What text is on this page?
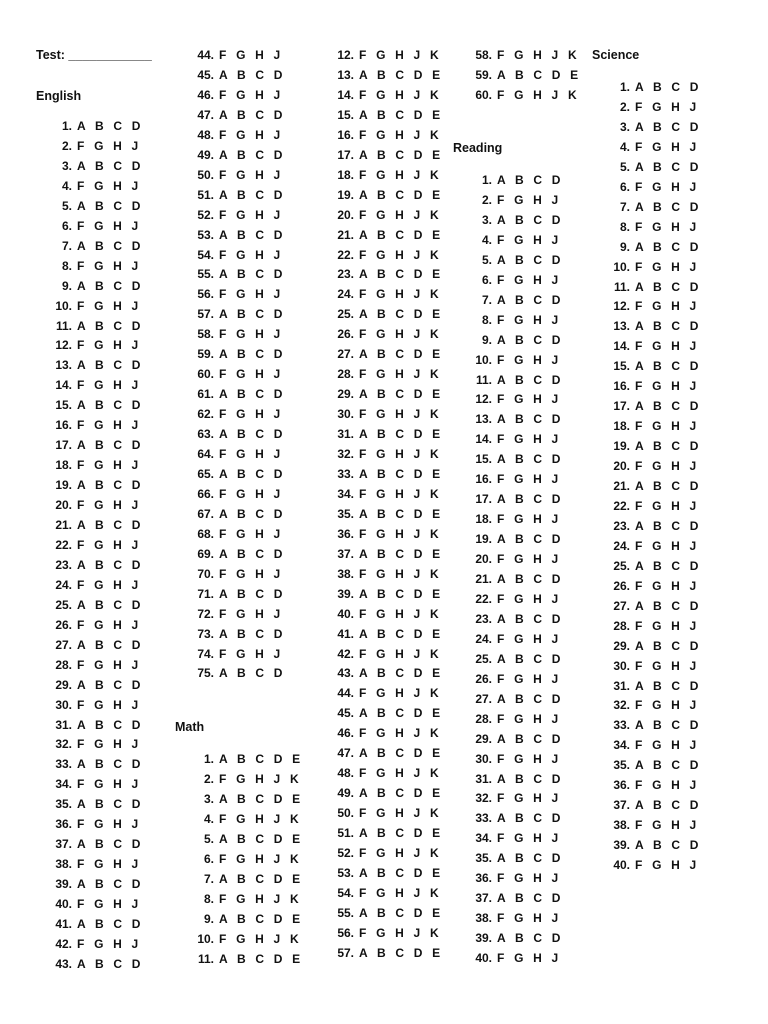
Test: ____________
English
1. A B C D
2. F G H J
3. A B C D
4. F G H J
5. A B C D
6. F G H J
7. A B C D
8. F G H J
9. A B C D
10. F G H J
11. A B C D
12. F G H J
13. A B C D
14. F G H J
15. A B C D
16. F G H J
17. A B C D
18. F G H J
19. A B C D
20. F G H J
21. A B C D
22. F G H J
23. A B C D
24. F G H J
25. A B C D
26. F G H J
27. A B C D
28. F G H J
29. A B C D
30. F G H J
31. A B C D
32. F G H J
33. A B C D
34. F G H J
35. A B C D
36. F G H J
37. A B C D
38. F G H J
39. A B C D
40. F G H J
41. A B C D
42. F G H J
43. A B C D
44. F G H J
45. A B C D
46. F G H J
47. A B C D
48. F G H J
49. A B C D
50. F G H J
51. A B C D
52. F G H J
53. A B C D
54. F G H J
55. A B C D
56. F G H J
57. A B C D
58. F G H J
59. A B C D
60. F G H J
61. A B C D
62. F G H J
63. A B C D
64. F G H J
65. A B C D
66. F G H J
67. A B C D
68. F G H J
69. A B C D
70. F G H J
71. A B C D
72. F G H J
73. A B C D
74. F G H J
75. A B C D
Math
1. A B C D E
2. F G H J K
3. A B C D E
4. F G H J K
5. A B C D E
6. F G H J K
7. A B C D E
8. F G H J K
9. A B C D E
10. F G H J K
11. A B C D E
12. F G H J K
13. A B C D E
14. F G H J K
15. A B C D E
16. F G H J K
17. A B C D E
18. F G H J K
19. A B C D E
20. F G H J K
21. A B C D E
22. F G H J K
23. A B C D E
24. F G H J K
25. A B C D E
26. F G H J K
27. A B C D E
28. F G H J K
29. A B C D E
30. F G H J K
31. A B C D E
32. F G H J K
33. A B C D E
34. F G H J K
35. A B C D E
36. F G H J K
37. A B C D E
38. F G H J K
39. A B C D E
40. F G H J K
41. A B C D E
42. F G H J K
43. A B C D E
44. F G H J K
45. A B C D E
46. F G H J K
47. A B C D E
48. F G H J K
49. A B C D E
50. F G H J K
51. A B C D E
52. F G H J K
53. A B C D E
54. F G H J K
55. A B C D E
56. F G H J K
57. A B C D E
58. F G H J K
59. A B C D E
60. F G H J K
Reading
1. A B C D
2. F G H J
3. A B C D
4. F G H J
5. A B C D
6. F G H J
7. A B C D
8. F G H J
9. A B C D
10. F G H J
11. A B C D
12. F G H J
13. A B C D
14. F G H J
15. A B C D
16. F G H J
17. A B C D
18. F G H J
19. A B C D
20. F G H J
21. A B C D
22. F G H J
23. A B C D
24. F G H J
25. A B C D
26. F G H J
27. A B C D
28. F G H J
29. A B C D
30. F G H J
31. A B C D
32. F G H J
33. A B C D
34. F G H J
35. A B C D
36. F G H J
37. A B C D
38. F G H J
39. A B C D
40. F G H J
Science
1. A B C D
2. F G H J
3. A B C D
4. F G H J
5. A B C D
6. F G H J
7. A B C D
8. F G H J
9. A B C D
10. F G H J
11. A B C D
12. F G H J
13. A B C D
14. F G H J
15. A B C D
16. F G H J
17. A B C D
18. F G H J
19. A B C D
20. F G H J
21. A B C D
22. F G H J
23. A B C D
24. F G H J
25. A B C D
26. F G H J
27. A B C D
28. F G H J
29. A B C D
30. F G H J
31. A B C D
32. F G H J
33. A B C D
34. F G H J
35. A B C D
36. F G H J
37. A B C D
38. F G H J
39. A B C D
40. F G H J
